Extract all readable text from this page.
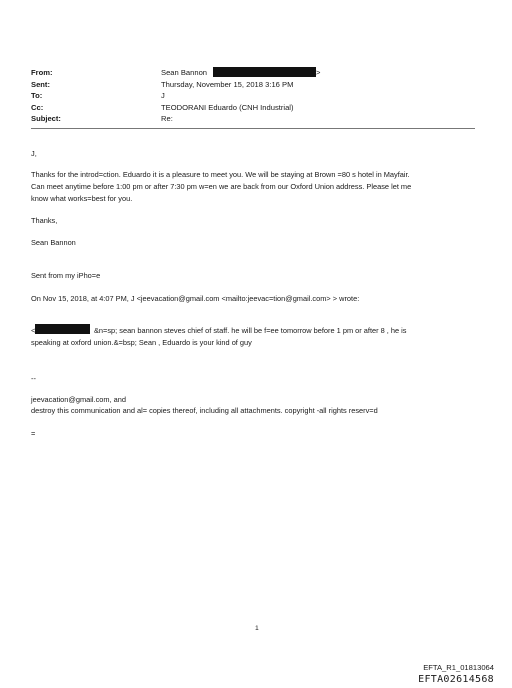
From:	Sean Bannon	>
Sent:	Thursday, November 15, 2018 3:16 PM
To:	J
Cc:	TEODORANI Eduardo (CNH Industrial)
Subject:	Re:
J,
Thanks for the introd=ction. Eduardo it is a pleasure to meet you. We will be staying at Brown =80 s hotel in Mayfair.
Can meet anytime before 1:00 pm or after 7:30 pm w=en we are back from our Oxford Union address. Please let me
know what works=best for you.
Thanks,
Sean Bannon
Sent from my iPho=e
On Nov 15, 2018, at 4:07 PM, J <jeevacation@gmail.com <mailto:jeevac=tion@gmail.com> > wrote:
<	&n=sp; sean bannon steves chief of staff. he will be f=ee tomorrow before 1 pm or after 8 , he is
speaking at oxford union.&=bsp; Sean , Eduardo is your kind of guy
--
jeevacation@gmail.com, and
destroy this communication and al= copies thereof, including all attachments. copyright -all rights reserv=d
=
1
EFTA_R1_01813064
EFTA02614568
